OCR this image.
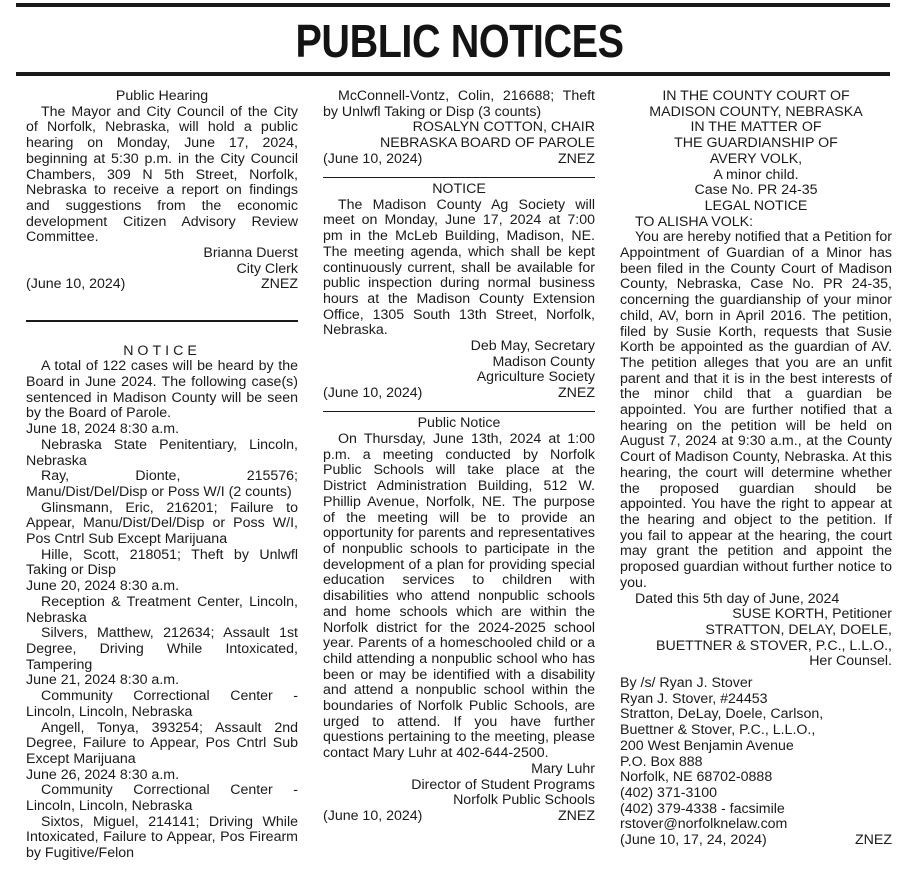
PUBLIC NOTICES

Public Hearing

The Mayor and City Council of the City of Norfolk, Nebraska, will hold a public hearing on Monday, June 17, 2024, beginning at 5:30 p.m. in the City Council Chambers, 309 N 5th Street, Norfolk, Nebraska to receive a report on findings and suggestions from the economic development Citizen Advisory Review Committee.

Brianna Duerst

City Clerk

(June 10, 2024)	ZNEZ

NOTICE

A total of 122 cases will be heard by the Board in June 2024. The following case(s) sentenced in Madison County will be seen by the Board of Parole.

June 18, 2024 8:30 a.m.

Nebraska State Penitentiary, Lincoln, Nebraska

Ray, Dionte, 215576; Manu/Dist/Del/Disp or Poss W/I (2 counts)

Glinsmann, Eric, 216201; Failure to Appear, Manu/Dist/Del/Disp or Poss W/I, Pos Cntrl Sub Except Marijuana

Hille, Scott, 218051; Theft by Unlwfl Taking or Disp

June 20, 2024 8:30 a.m.

Reception & Treatment Center, Lincoln, Nebraska

Silvers, Matthew, 212634; Assault 1st Degree, Driving While Intoxicated, Tampering

June 21, 2024 8:30 a.m.

Community Correctional Center - Lincoln, Lincoln, Nebraska

Angell, Tonya, 393254; Assault 2nd Degree, Failure to Appear, Pos Cntrl Sub Except Marijuana

June 26, 2024 8:30 a.m.

Community Correctional Center - Lincoln, Lincoln, Nebraska

Sixtos, Miguel, 214141; Driving While Intoxicated, Failure to Appear, Pos Firearm by Fugitive/Felon

McConnell-Vontz, Colin, 216688; Theft by Unlwfl Taking or Disp (3 counts)

ROSALYN COTTON, CHAIR

NEBRASKA BOARD OF PAROLE

(June 10, 2024)	ZNEZ

NOTICE

The Madison County Ag Society will meet on Monday, June 17, 2024 at 7:00 pm in the McLeb Building, Madison, NE. The meeting agenda, which shall be kept continuously current, shall be available for public inspection during normal business hours at the Madison County Extension Office, 1305 South 13th Street, Norfolk, Nebraska.

Deb May, Secretary

Madison County

Agriculture Society

(June 10, 2024)	ZNEZ

Public Notice

On Thursday, June 13th, 2024 at 1:00 p.m. a meeting conducted by Norfolk Public Schools will take place at the District Administration Building, 512 W. Phillip Avenue, Norfolk, NE. The purpose of the meeting will be to provide an opportunity for parents and representatives of nonpublic schools to participate in the development of a plan for providing special education services to children with disabilities who attend nonpublic schools and home schools which are within the Norfolk district for the 2024-2025 school year. Parents of a homeschooled child or a child attending a nonpublic school who has been or may be identified with a disability and attend a nonpublic school within the boundaries of Norfolk Public Schools, are urged to attend. If you have further questions pertaining to the meeting, please contact Mary Luhr at 402-644-2500.

Mary Luhr

Director of Student Programs

Norfolk Public Schools

(June 10, 2024)	ZNEZ

IN THE COUNTY COURT OF

MADISON COUNTY, NEBRASKA

IN THE MATTER OF

THE GUARDIANSHIP OF

AVERY VOLK,

A minor child.

Case No. PR 24-35

LEGAL NOTICE

TO ALISHA VOLK:

You are hereby notified that a Petition for Appointment of Guardian of a Minor has been filed in the County Court of Madison County, Nebraska, Case No. PR 24-35, concerning the guardianship of your minor child, AV, born in April 2016. The petition, filed by Susie Korth, requests that Susie Korth be appointed as the guardian of AV. The petition alleges that you are an unfit parent and that it is in the best interests of the minor child that a guardian be appointed. You are further notified that a hearing on the petition will be held on August 7, 2024 at 9:30 a.m., at the County Court of Madison County, Nebraska. At this hearing, the court will determine whether the proposed guardian should be appointed. You have the right to appear at the hearing and object to the petition. If you fail to appear at the hearing, the court may grant the petition and appoint the proposed guardian without further notice to you.

Dated this 5th day of June, 2024

SUSE KORTH, Petitioner

STRATTON, DELAY, DOELE,

BUETTNER & STOVER, P.C., L.L.O.,

Her Counsel.

By /s/ Ryan J. Stover

Ryan J. Stover, #24453

Stratton, DeLay, Doele, Carlson,

Buettner & Stover, P.C., L.L.O.,

200 West Benjamin Avenue

P.O. Box 888

Norfolk, NE 68702-0888

(402) 371-3100

(402) 379-4338 - facsimile

rstover@norfolknelaw.com

(June 10, 17, 24, 2024)	ZNEZ
